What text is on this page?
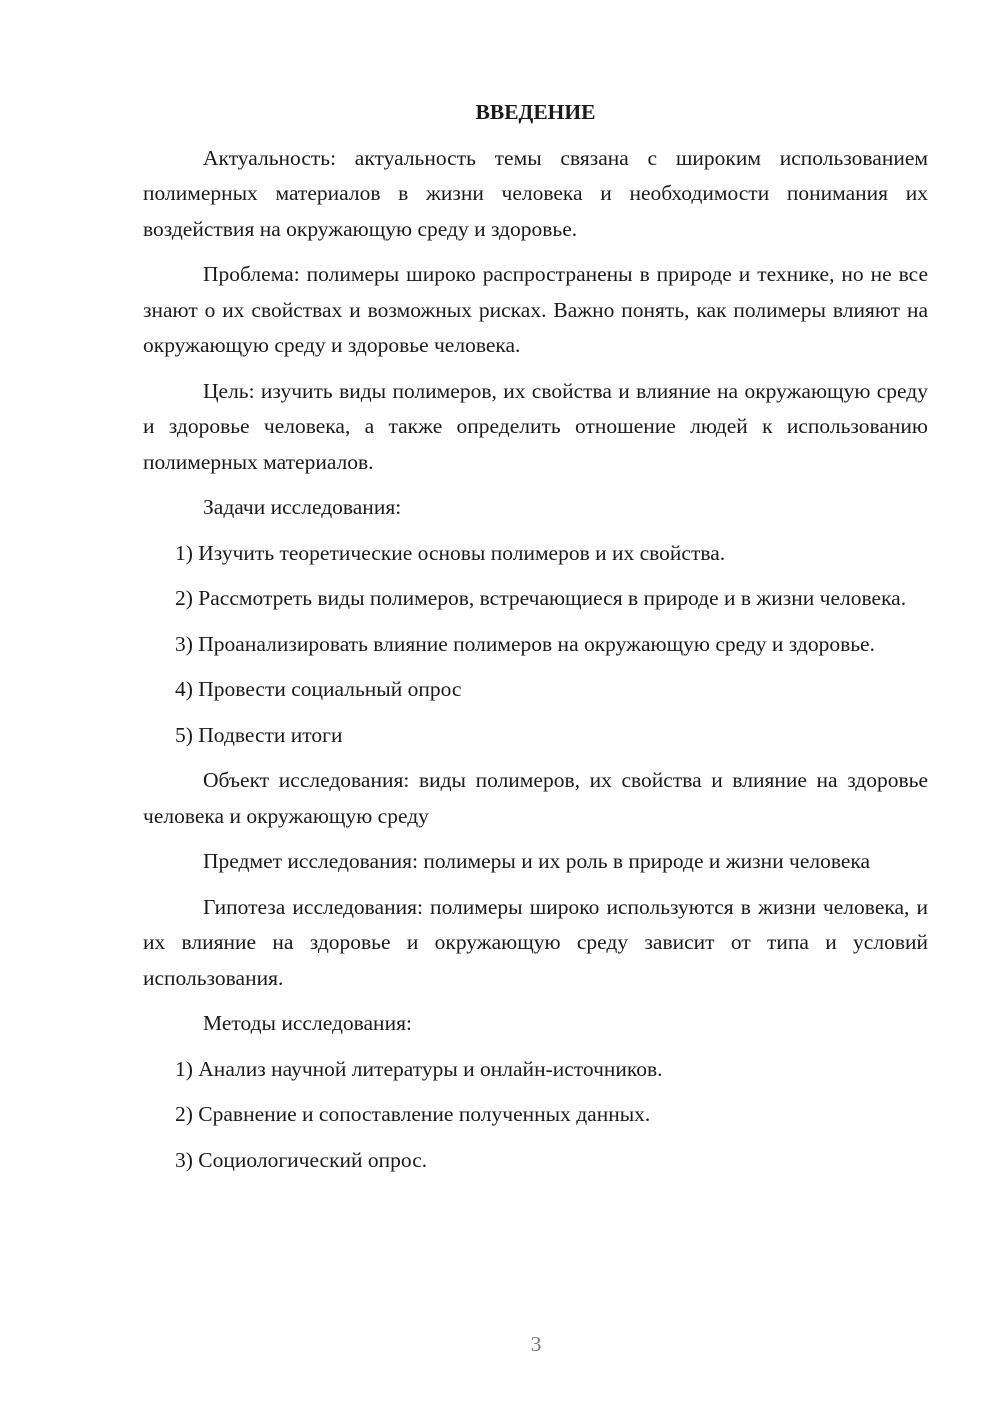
ВВЕДЕНИЕ
Актуальность: актуальность темы связана с широким использованием полимерных материалов в жизни человека и необходимости понимания их воздействия на окружающую среду и здоровье.
Проблема: полимеры широко распространены в природе и технике, но не все знают о их свойствах и возможных рисках. Важно понять, как полимеры влияют на окружающую среду и здоровье человека.
Цель: изучить виды полимеров, их свойства и влияние на окружающую среду и здоровье человека, а также определить отношение людей к использованию полимерных материалов.
Задачи исследования:
1) Изучить теоретические основы полимеров и их свойства.
2) Рассмотреть виды полимеров, встречающиеся в природе и в жизни человека.
3) Проанализировать влияние полимеров на окружающую среду и здоровье.
4) Провести социальный опрос
5) Подвести итоги
Объект исследования: виды полимеров, их свойства и влияние на здоровье человека и окружающую среду
Предмет исследования: полимеры и их роль в природе и жизни человека
Гипотеза исследования: полимеры широко используются в жизни человека, и их влияние на здоровье и окружающую среду зависит от типа и условий использования.
Методы исследования:
1) Анализ научной литературы и онлайн-источников.
2) Сравнение и сопоставление полученных данных.
3) Социологический опрос.
3
